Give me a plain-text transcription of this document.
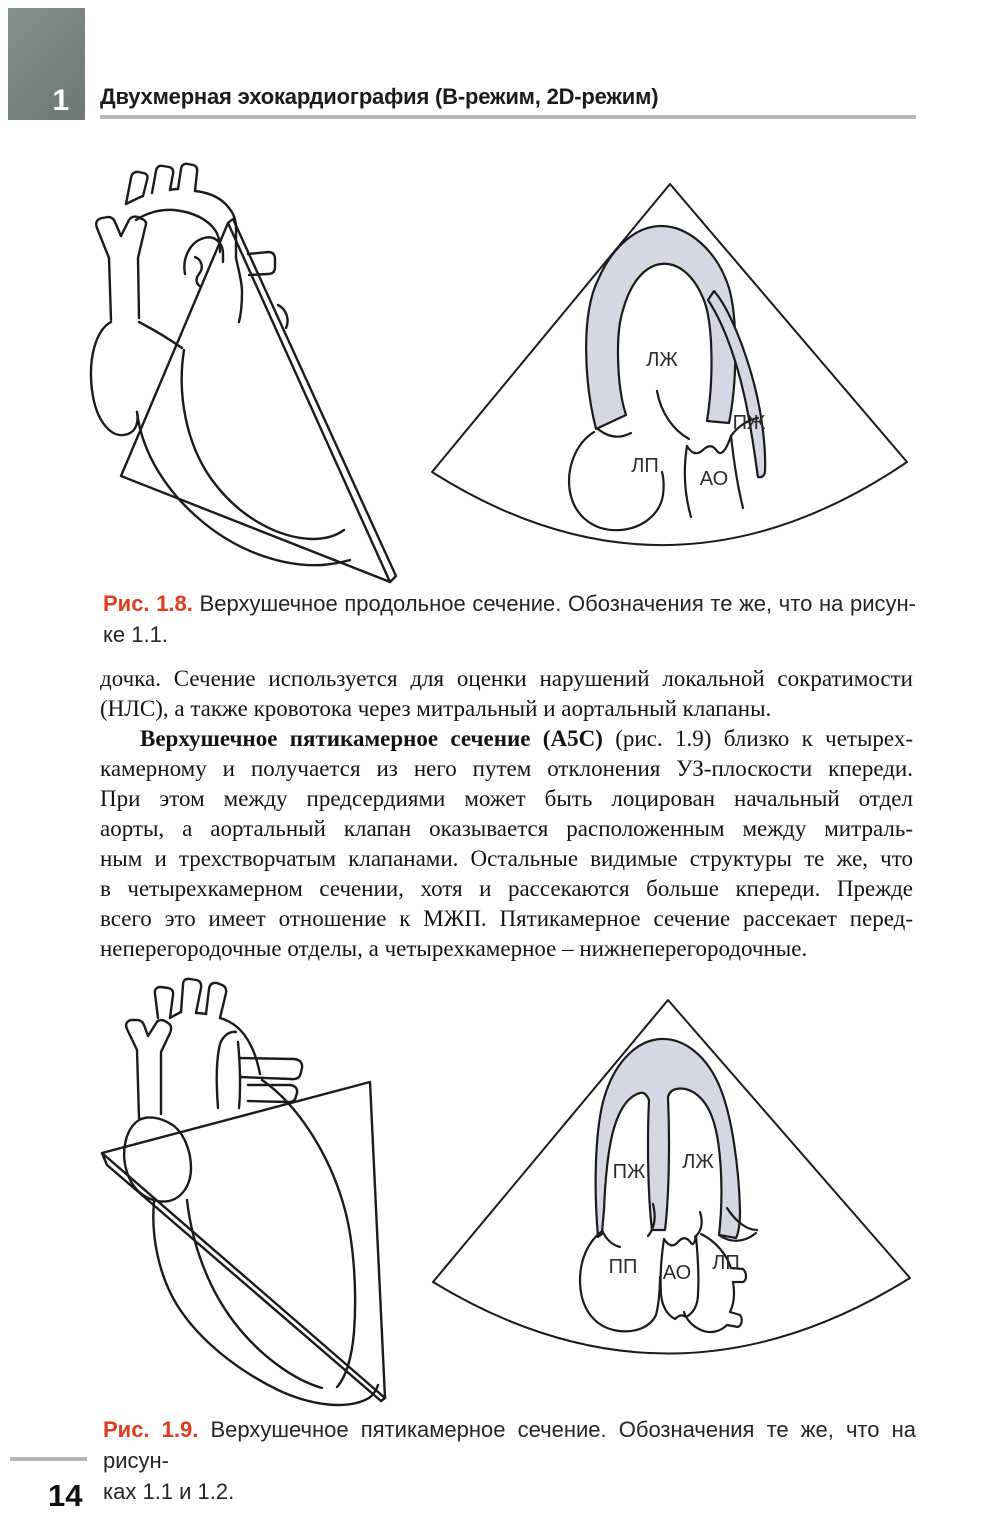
1 Двухмерная эхокардиография (B-режим, 2D-режим)
ЛЖ
ПЖ
ЛП
АО

Рис. 1.8. Верхушечное продольное сечение. Обозначения те же, что на рисун-

ке 1.1.

дочка. Сечение используется для оценки нарушений локальной сократимости

(НЛС), а также кровотока через митральный и аортальный клапаны.

Верхушечное пятикамерное сечение (А5С) (рис. 1.9) близко к четырех-

камерному и получается из него путем отклонения УЗ-плоскости кпереди.

При этом между предсердиями может быть лоцирован начальный отдел

аорты, а аортальный клапан оказывается расположенным между митраль-

ным и трехстворчатым клапанами. Остальные видимые структуры те же, что

в четырехкамерном сечении, хотя и рассекаются больше кпереди. Прежде

всего это имеет отношение к МЖП. Пятикамерное сечение рассекает перед-

неперегородочные отделы, а четырехкамерное – нижнеперегородочные.

ПЖ ЛЖ
ПП АО ЛП

Рис. 1.9. Верхушечное пятикамерное сечение. Обозначения те же, что на рисун-

ках 1.1 и 1.2.

14
